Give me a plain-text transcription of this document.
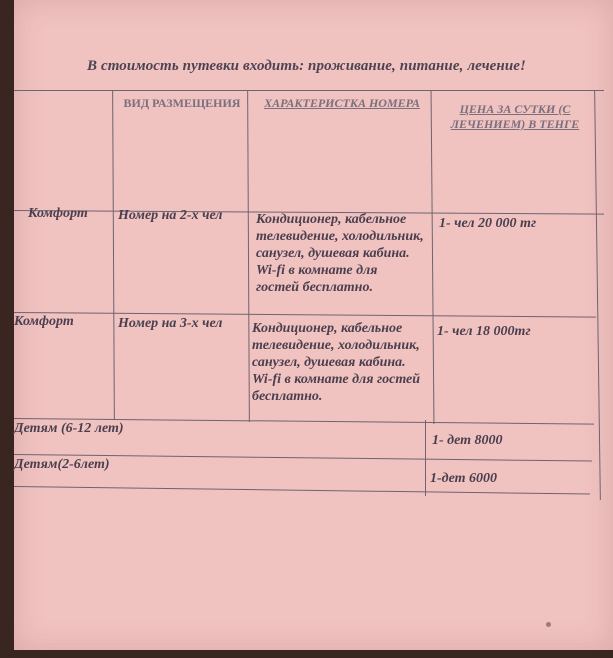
В стоимость путевки входить: проживание, питание, лечение!
ВИД РАЗМЕЩЕНИЯ ХАРАКТЕРИСТКА НОМЕРА	ЦЕНА ЗА СУТКИ (С ЛЕЧЕНИЕМ) В ТЕНГЕ
Комфорт Номер на 2-х чел Кондиционер, кабельное телевидение, холодильник, санузел, душевая кабина. Wi-fi в комнате для гостей бесплатно.
1- чел 20 000 тг
Комфорт	Номер на 3-х чел Кондиционер, кабельное телевидение, холодильник, санузел, душевая кабина. Wi-fi в комнате для гостей бесплатно.
1- чел 18 000тг
Детям (6-12 лет)
1- дет 8000
Детям(2-6лет)
1-дет 6000
